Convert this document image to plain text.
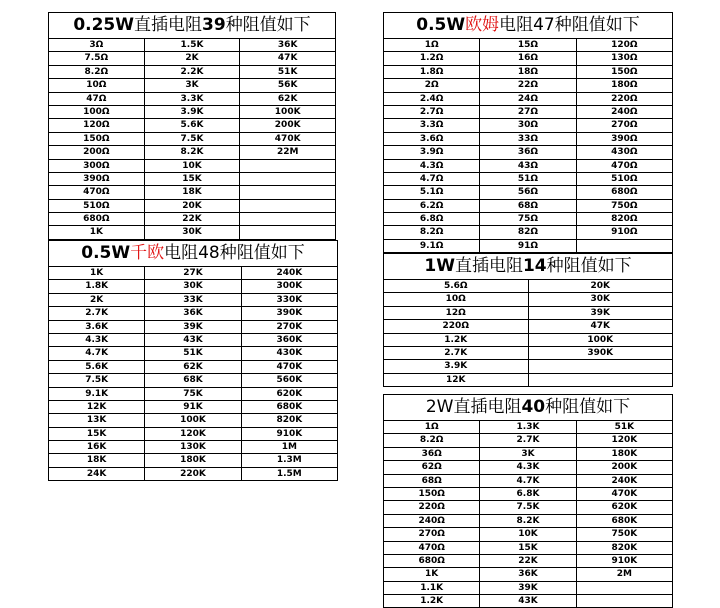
0.25W直插电阻39种阻值如下
3Ω	1.5K	36K
7.5Ω	2K	47K
8.2Ω	2.2K	51K
10Ω	3K	56K
47Ω	3.3K	62K
100Ω	3.9K	100K
120Ω	5.6K	200K
150Ω	7.5K	470K
200Ω	8.2K	22M
300Ω	10K
390Ω	15K
470Ω	18K
510Ω	20K
680Ω	22K
1K	30K
0.5W欧姆电阻47种阻值如下
1Ω	15Ω	120Ω
1.2Ω	16Ω	130Ω
1.8Ω	18Ω	150Ω
2Ω	22Ω	180Ω
2.4Ω	24Ω	220Ω
2.7Ω	27Ω	240Ω
3.3Ω	30Ω	270Ω
3.6Ω	33Ω	390Ω
3.9Ω	36Ω	430Ω
4.3Ω	43Ω	470Ω
4.7Ω	51Ω	510Ω
5.1Ω	56Ω	680Ω
6.2Ω	68Ω	750Ω
6.8Ω	75Ω	820Ω
8.2Ω	82Ω	910Ω
9.1Ω	91Ω
0.5W千欧电阻48种阻值如下
1K	27K	240K
1.8K	30K	300K
2K	33K	330K
2.7K	36K	390K
3.6K	39K	270K
4.3K	43K	360K
4.7K	51K	430K
5.6K	62K	470K
7.5K	68K	560K
9.1K	75K	620K
12K	91K	680K
13K	100K	820K
15K	120K	910K
16K	130K	1M
18K	180K	1.3M
24K	220K	1.5M
1W直插电阻14种阻值如下
5.6Ω	20K
10Ω	30K
12Ω	39K
220Ω	47K
1.2K	100K
2.7K	390K
3.9K
12K
2W直插电阻40种阻值如下
1Ω	1.3K	51K
8.2Ω	2.7K	120K
36Ω	3K	180K
62Ω	4.3K	200K
68Ω	4.7K	240K
150Ω	6.8K	470K
220Ω	7.5K	620K
240Ω	8.2K	680K
270Ω	10K	750K
470Ω	15K	820K
680Ω	22K	910K
1K	36K	2M
1.1K	39K
1.2K	43K
